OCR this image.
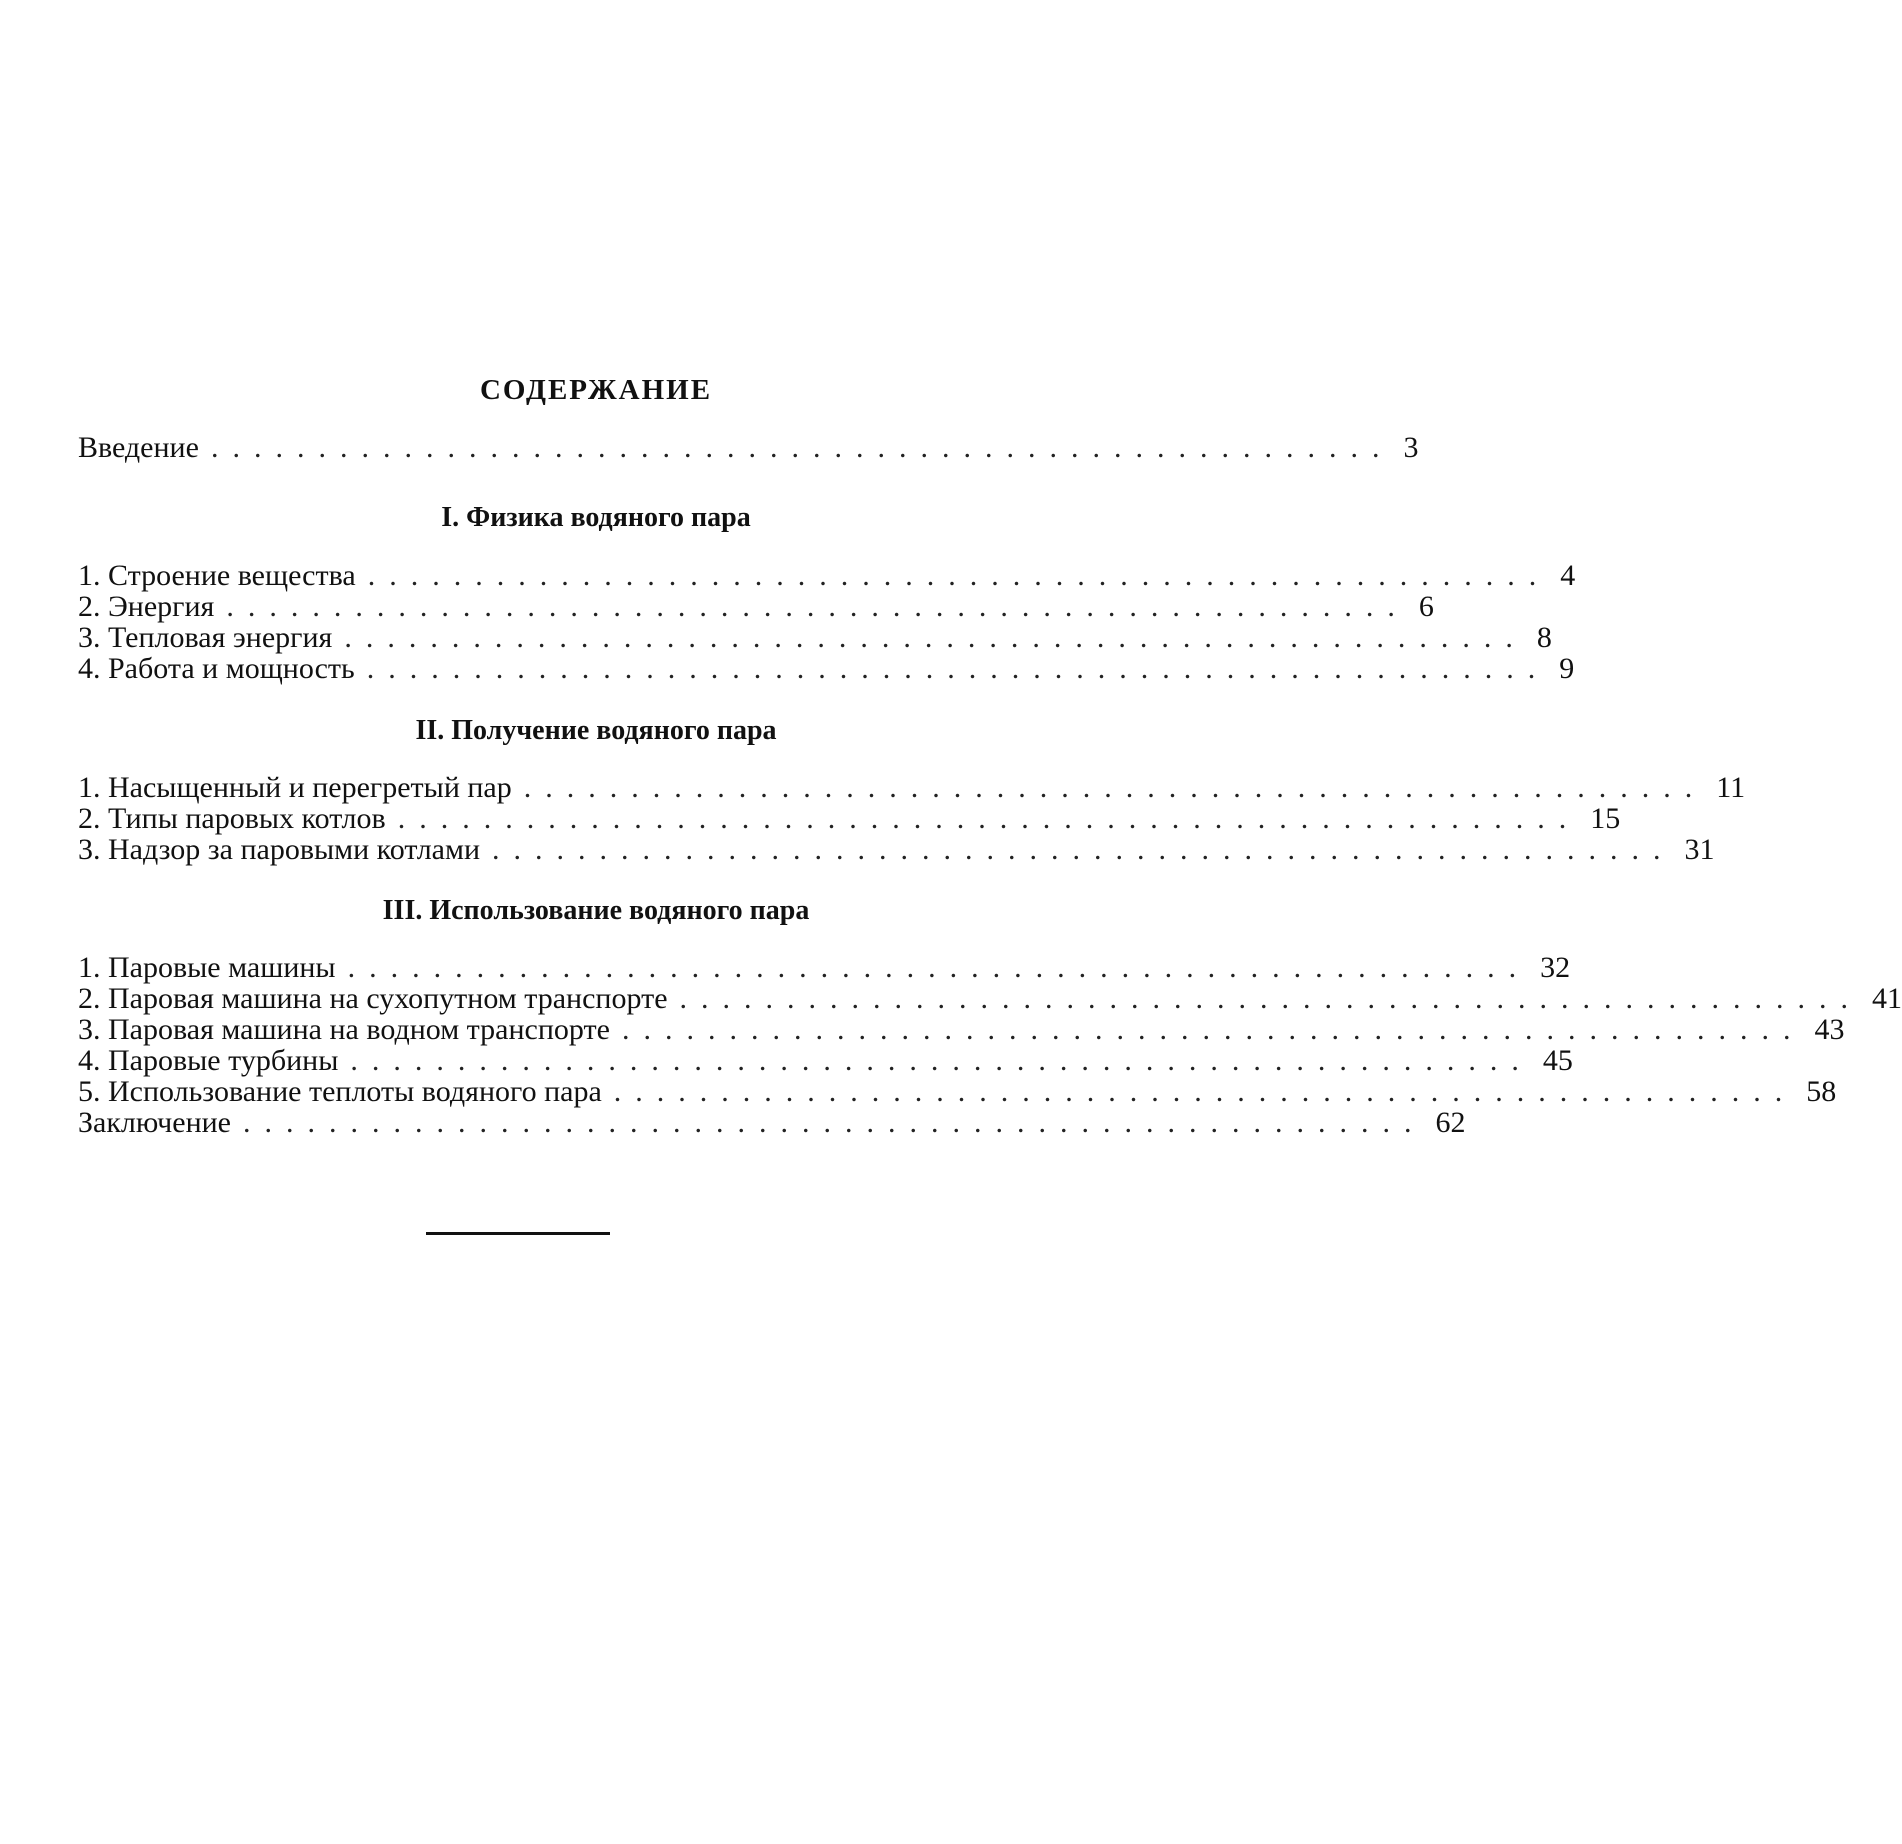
СОДЕРЖАНИЕ
Введение ....................................................... 3
I. Физика водяного пара
1. Строение вещества ....................................................... 4
2. Энергия ....................................................... 6
3. Тепловая энергия ....................................................... 8
4. Работа и мощность ....................................................... 9
II. Получение водяного пара
1. Насыщенный и перегретый пар ....................................................... 11
2. Типы паровых котлов ....................................................... 15
3. Надзор за паровыми котлами ....................................................... 31
III. Использование водяного пара
1. Паровые машины ....................................................... 32
2. Паровая машина на сухопутном транспорте ....................................................... 41
3. Паровая машина на водном транспорте ....................................................... 43
4. Паровые турбины ....................................................... 45
5. Использование теплоты водяного пара ....................................................... 58
Заключение ....................................................... 62
